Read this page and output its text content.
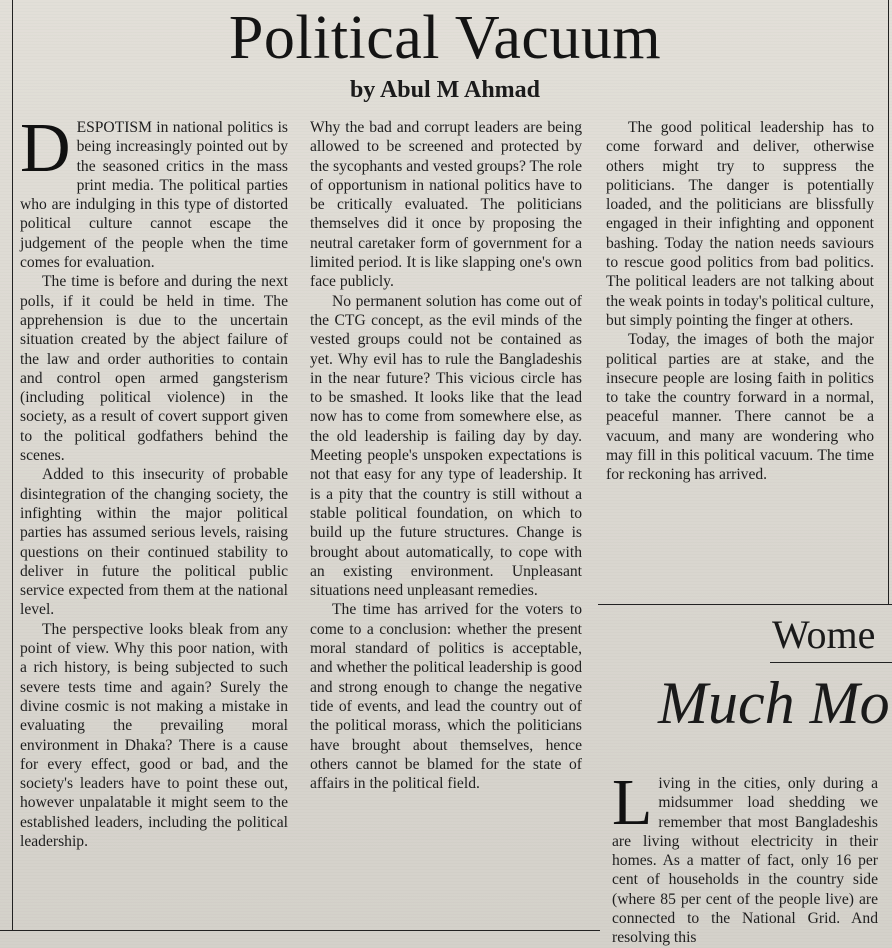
Political Vacuum
by Abul M Ahmad

DESPOTISM in national politics is being increasingly pointed out by the seasoned critics in the mass print media. The political parties who are indulging in this type of distorted political culture cannot escape the judgement of the people when the time comes for evaluation.

The time is before and during the next polls, if it could be held in time. The apprehension is due to the uncertain situation created by the abject failure of the law and order authorities to contain and control open armed gangsterism (including political violence) in the society, as a result of covert support given to the political godfathers behind the scenes.

Added to this insecurity of probable disintegration of the changing society, the infighting within the major political parties has assumed serious levels, raising questions on their continued stability to deliver in future the political public service expected from them at the national level.

The perspective looks bleak from any point of view. Why this poor nation, with a rich history, is being subjected to such severe tests time and again? Surely the divine cosmic is not making a mistake in evaluating the prevailing moral environment in Dhaka? There is a cause for every effect, good or bad, and the society's leaders have to point these out, however unpalatable it might seem to the established leaders, including the political leadership.

Why the bad and corrupt leaders are being allowed to be screened and protected by the sycophants and vested groups? The role of opportunism in national politics have to be critically evaluated. The politicians themselves did it once by proposing the neutral caretaker form of government for a limited period. It is like slapping one's own face publicly.

No permanent solution has come out of the CTG concept, as the evil minds of the vested groups could not be contained as yet. Why evil has to rule the Bangladeshis in the near future? This vicious circle has to be smashed. It looks like that the lead now has to come from somewhere else, as the old leadership is failing day by day. Meeting people's unspoken expectations is not that easy for any type of leadership. It is a pity that the country is still without a stable political foundation, on which to build up the future structures. Change is brought about automatically, to cope with an existing environment. Unpleasant situations need unpleasant remedies.

The time has arrived for the voters to come to a conclusion: whether the present moral standard of politics is acceptable, and whether the political leadership is good and strong enough to change the negative tide of events, and lead the country out of the political morass, which the politicians have brought about themselves, hence others cannot be blamed for the state of affairs in the political field.

The good political leadership has to come forward and deliver, otherwise others might try to suppress the politicians. The danger is potentially loaded, and the politicians are blissfully engaged in their infighting and opponent bashing. Today the nation needs saviours to rescue good politics from bad politics. The political leaders are not talking about the weak points in today's political culture, but simply pointing the finger at others.

Today, the images of both the major political parties are at stake, and the insecure people are losing faith in politics to take the country forward in a normal, peaceful manner. There cannot be a vacuum, and many are wondering who may fill in this political vacuum. The time for reckoning has arrived.

Wome
Much Mo

Living in the cities, only during a midsummer load shedding we remember that most Bangladeshis are living without electricity in their homes. As a matter of fact, only 16 per cent of households in the country side (where 85 per cent of the people live) are connected to the National Grid. And resolving this
